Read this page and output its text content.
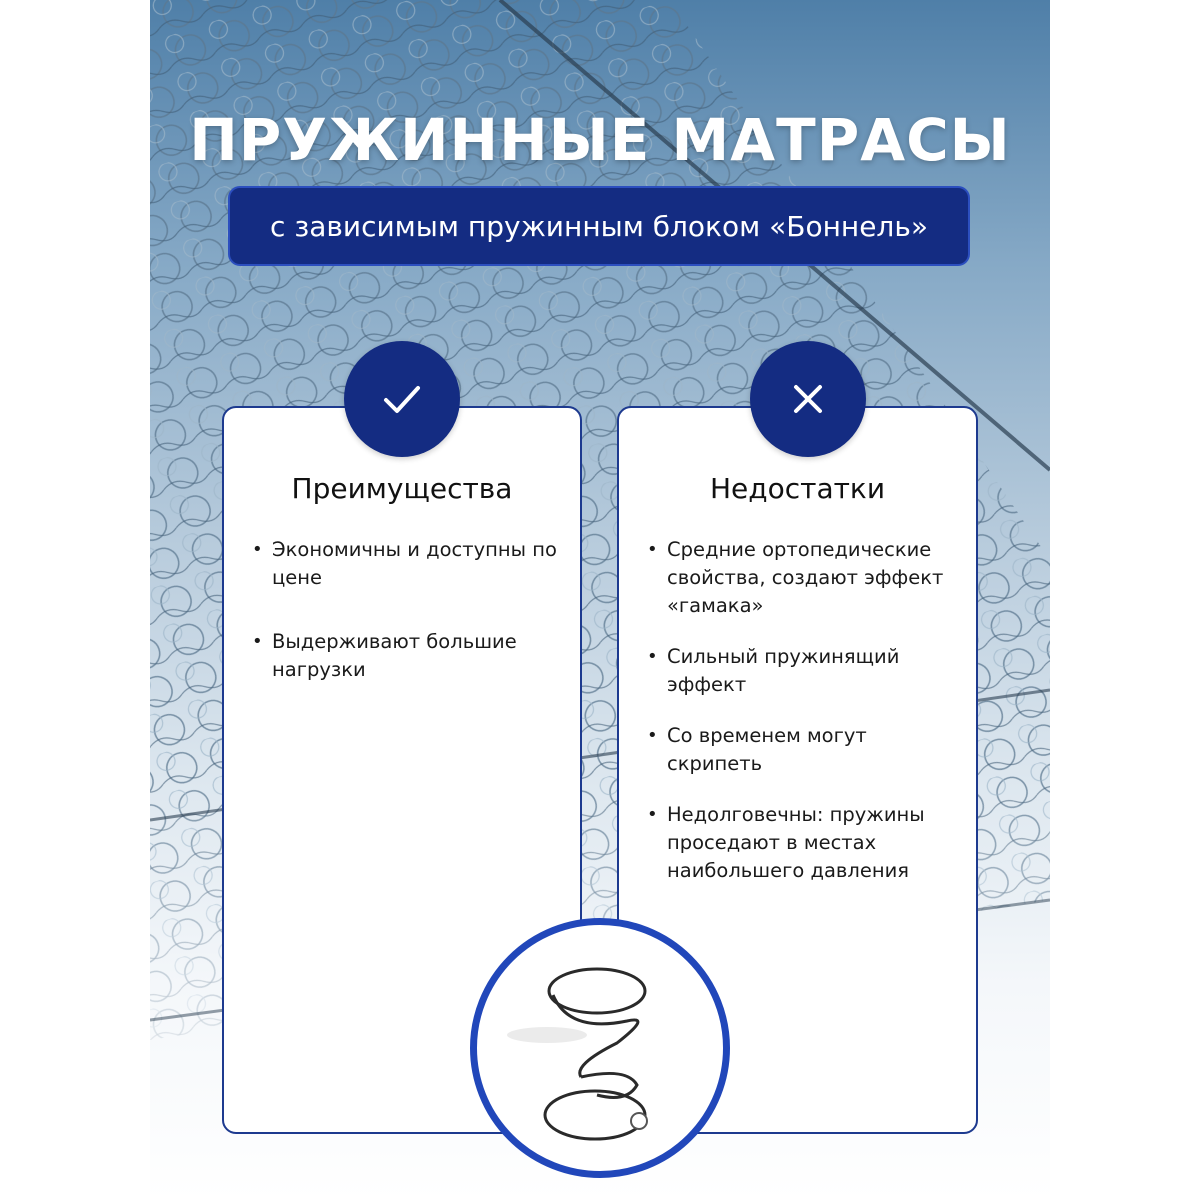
ПРУЖИННЫЕ МАТРАСЫ
с зависимым пружинным блоком «Боннель»
Преимущества
• Экономичны и доступны по цене
• Выдерживают большие нагрузки
Недостатки
• Средние ортопедические свойства, создают эффект «гамака»
• Сильный пружинящий эффект
• Со временем могут скрипеть
• Недолговечны: пружины проседают в местах наибольшего давления
